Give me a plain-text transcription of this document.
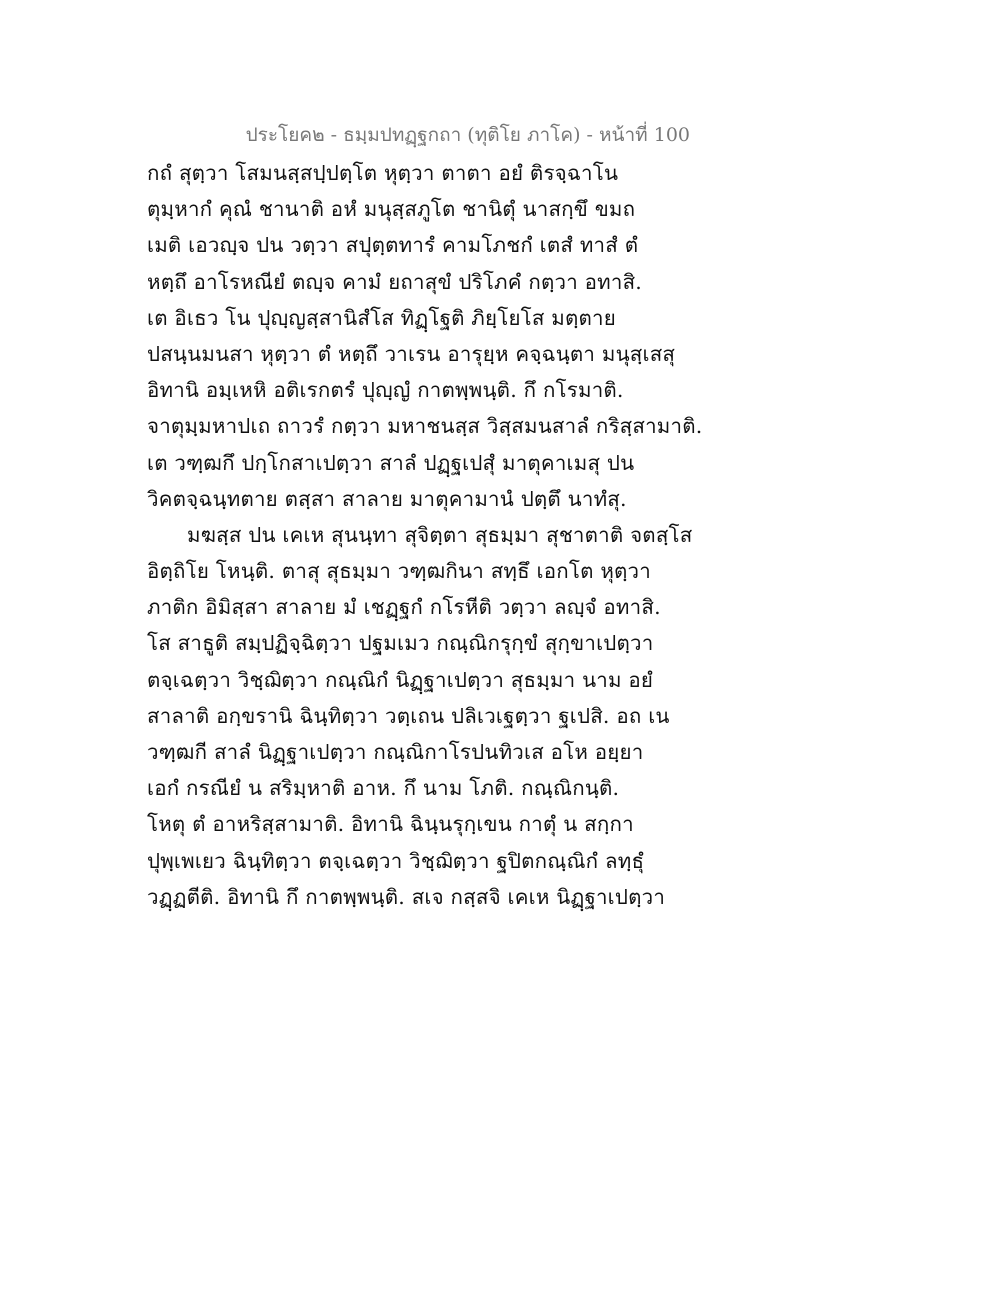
ประโยค๒ - ธมฺมปทฏฺฐกถา (ทุติโย ภาโค) - หน้าที่ 100
กถํ สุตฺวา โสมนสฺสปฺปตฺโต หุตฺวา ตาตา อยํ ติรจฺฉาโน
ตุมฺหากํ คุณํ ชานาติ อหํ มนุสฺสภูโต ชานิตุํ นาสกฺขึ ขมถ
เมติ เอวญฺจ ปน วตฺวา สปุตฺตทารํ คามโภชกํ เตสํ ทาสํ ตํ
หตฺถึ อาโรหณียํ ตญฺจ คามํ ยถาสุขํ ปริโภคํ กตฺวา อทาสิ.
เต อิเธว โน ปุญฺญสฺสานิสํโส ทิฏฺโฐติ ภิยฺโยโส มตฺตาย
ปสนฺนมนสา หุตฺวา ตํ หตฺถึ วาเรน อารุยฺห คจฺฉนฺตา มนุสฺเสสุ
อิทานิ อมฺเหหิ อติเรกตรํ ปุญฺญํ กาตพฺพนฺติ. กึ กโรมาติ.
จาตุมฺมหาปเถ ถาวรํ กตฺวา มหาชนสฺส วิสฺสมนสาลํ กริสฺสามาติ.
เต วฑฺฒกึ ปกฺโกสาเปตฺวา สาลํ ปฏฺฐเปสุํ มาตุคาเมสุ ปน
วิคตจฺฉนฺทตาย ตสฺสา สาลาย มาตุคามานํ ปตฺตึ นาทํสุ.
มฆสฺส ปน เคเห สุนนฺทา สุจิตฺตา สุธมฺมา สุชาตาติ จตสฺโส
อิตฺถิโย โหนฺติ. ตาสุ สุธมฺมา วฑฺฒกินา สทฺธึ เอกโต หุตฺวา
ภาติก อิมิสฺสา สาลาย มํ เชฏฺฐกํ กโรหีติ วตฺวา ลญฺจํ อทาสิ.
โส สาธูติ สมฺปฏิจฺฉิตฺวา ปฐมเมว กณฺณิกรุกฺขํ สุกฺขาเปตฺวา
ตจฺเฉตฺวา วิชฺฌิตฺวา กณฺณิกํ นิฏฺฐาเปตฺวา สุธมฺมา นาม อยํ
สาลาติ อกฺขรานิ ฉินฺทิตฺวา วตฺเถน ปลิเวเฐตฺวา ฐเปสิ. อถ เน
วฑฺฒกี สาลํ นิฏฺฐาเปตฺวา กณฺณิกาโรปนทิวเส อโห อยฺยา
เอกํ กรณียํ น สริมฺหาติ อาห. กึ นาม โภติ. กณฺณิกนฺติ.
โหตุ ตํ อาหริสฺสามาติ. อิทานิ ฉินฺนรุกฺเขน กาตุํ น สกฺกา
ปุพฺเพเยว ฉินฺทิตฺวา ตจฺเฉตฺวา วิชฺฌิตฺวา ฐปิตกณฺณิกํ ลทฺธุํ
วฏฺฏตีติ. อิทานิ กึ กาตพฺพนฺติ. สเจ กสฺสจิ เคเห นิฏฺฐาเปตฺวา
